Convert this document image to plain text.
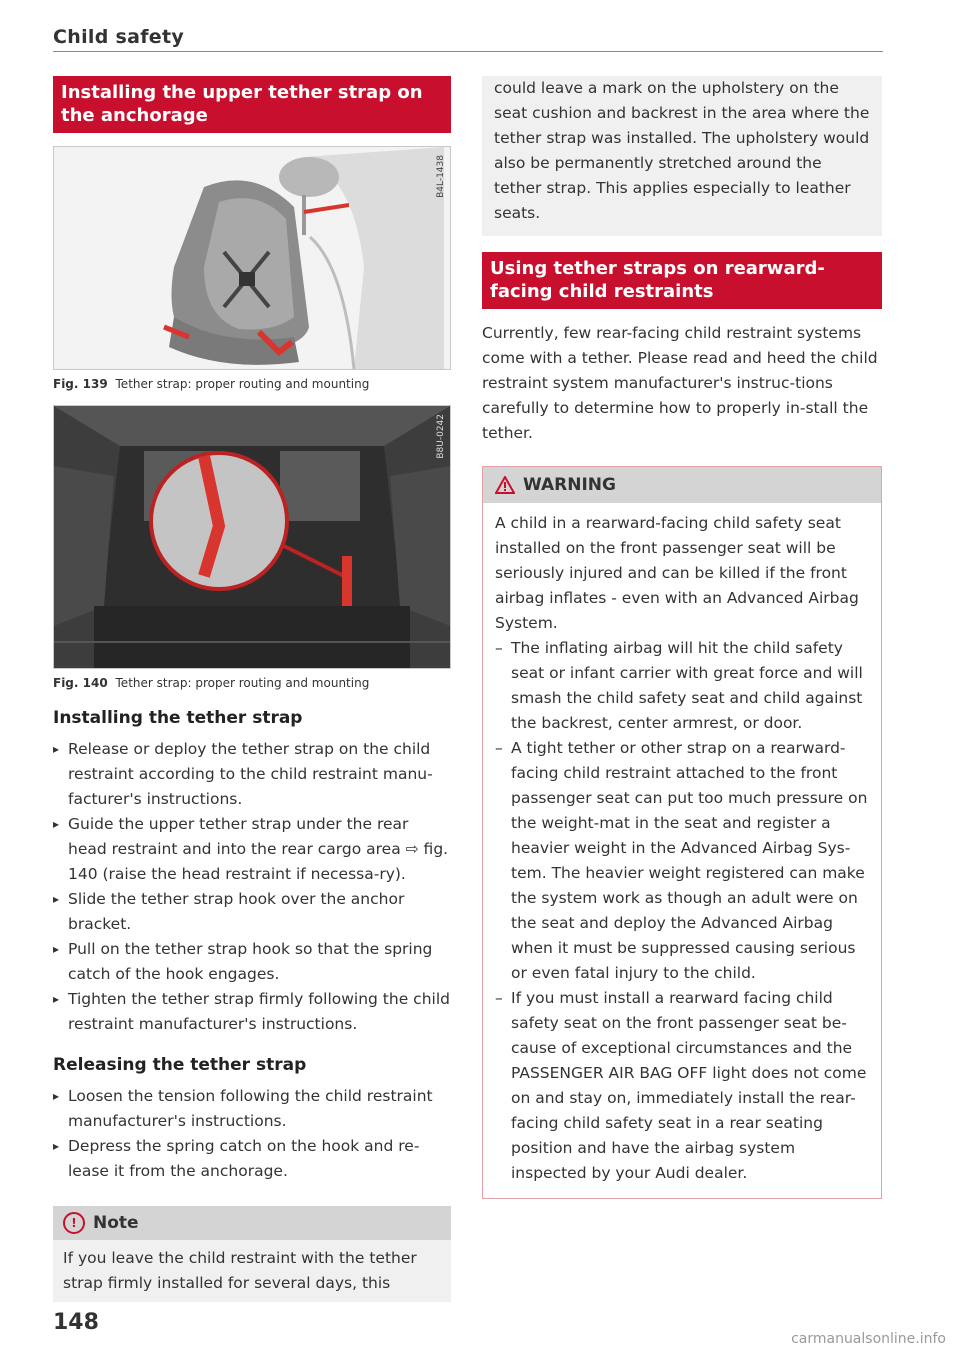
Child safety
Installing the upper tether strap on the anchorage
B4L-1438
Fig. 139 Tether strap: proper routing and mounting
B8U-0242
Fig. 140 Tether strap: proper routing and mounting
Installing the tether strap
▸ Release or deploy the tether strap on the child restraint according to the child restraint manu-facturer's instructions.
▸ Guide the upper tether strap under the rear head restraint and into the rear cargo area ⇨ fig. 140 (raise the head restraint if necessa-ry).
▸ Slide the tether strap hook over the anchor bracket.
▸ Pull on the tether strap hook so that the spring catch of the hook engages.
▸ Tighten the tether strap firmly following the child restraint manufacturer's instructions.
Releasing the tether strap
▸ Loosen the tension following the child restraint manufacturer's instructions.
▸ Depress the spring catch on the hook and re-lease it from the anchorage.
! Note
If you leave the child restraint with the tether strap firmly installed for several days, this
could leave a mark on the upholstery on the seat cushion and backrest in the area where the tether strap was installed. The upholstery would also be permanently stretched around the tether strap. This applies especially to leather seats.
Using tether straps on rearward-facing child restraints

Currently, few rear-facing child restraint systems come with a tether. Please read and heed the child restraint system manufacturer's instruc-tions carefully to determine how to properly in-stall the tether.

WARNING
A child in a rearward-facing child safety seat installed on the front passenger seat will be seriously injured and can be killed if the front airbag inflates - even with an Advanced Airbag System.
– The inflating airbag will hit the child safety seat or infant carrier with great force and will smash the child safety seat and child against the backrest, center armrest, or door.
– A tight tether or other strap on a rearward-facing child restraint attached to the front passenger seat can put too much pressure on the weight-mat in the seat and register a heavier weight in the Advanced Airbag Sys-tem. The heavier weight registered can make the system work as though an adult were on the seat and deploy the Advanced Airbag when it must be suppressed causing serious or even fatal injury to the child.
– If you must install a rearward facing child safety seat on the front passenger seat be-cause of exceptional circumstances and the PASSENGER AIR BAG OFF light does not come on and stay on, immediately install the rear-facing child safety seat in a rear seating position and have the airbag system inspected by your Audi dealer.
148
carmanualsonline.info
